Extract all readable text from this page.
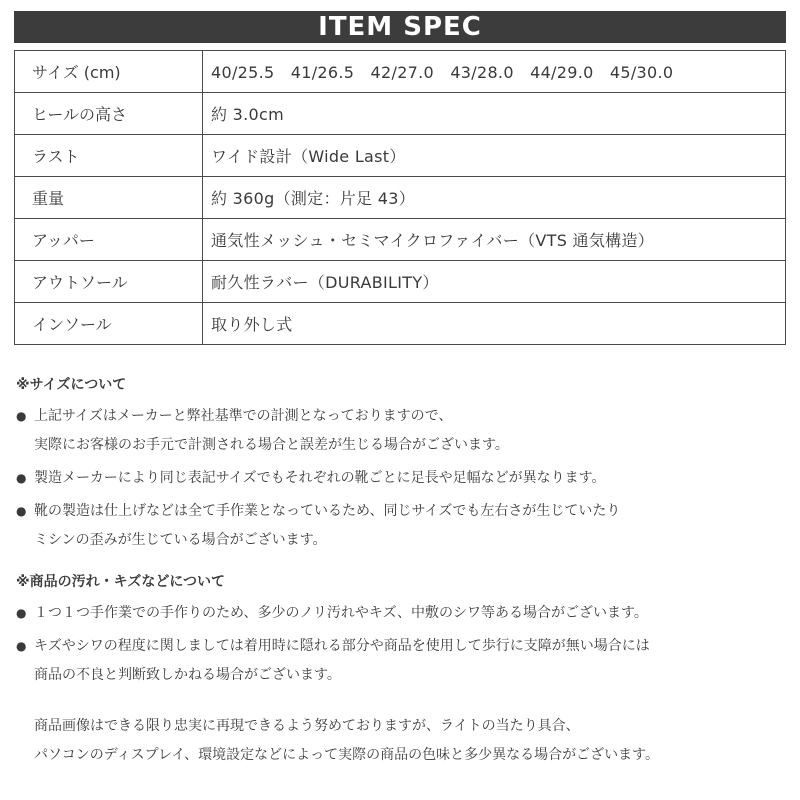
ITEM SPEC
サイズ (cm)	40/25.5　41/26.5　42/27.0　43/28.0　44/29.0　45/30.0
ヒールの高さ	約 3.0cm
ラスト	ワイド設計（Wide Last）
重量	約 360g（測定：片足 43）
アッパー	通気性メッシュ・セミマイクロファイバー（VTS 通気構造）
アウトソール	耐久性ラバー（DURABILITY）
インソール	取り外し式

※サイズについて

● 上記サイズはメーカーと弊社基準での計測となっておりますので、
実際にお客様のお手元で計測される場合と誤差が生じる場合がございます。
● 製造メーカーにより同じ表記サイズでもそれぞれの靴ごとに足長や足幅などが異なります。
● 靴の製造は仕上げなどは全て手作業となっているため、同じサイズでも左右さが生じていたり
ミシンの歪みが生じている場合がございます。

※商品の汚れ・キズなどについて

● １つ１つ手作業での手作りのため、多少のノリ汚れやキズ、中敷のシワ等ある場合がございます。
● キズやシワの程度に関しましては着用時に隠れる部分や商品を使用して歩行に支障が無い場合には
商品の不良と判断致しかねる場合がございます。

商品画像はできる限り忠実に再現できるよう努めておりますが、ライトの当たり具合、

パソコンのディスプレイ、環境設定などによって実際の商品の色味と多少異なる場合がございます。
